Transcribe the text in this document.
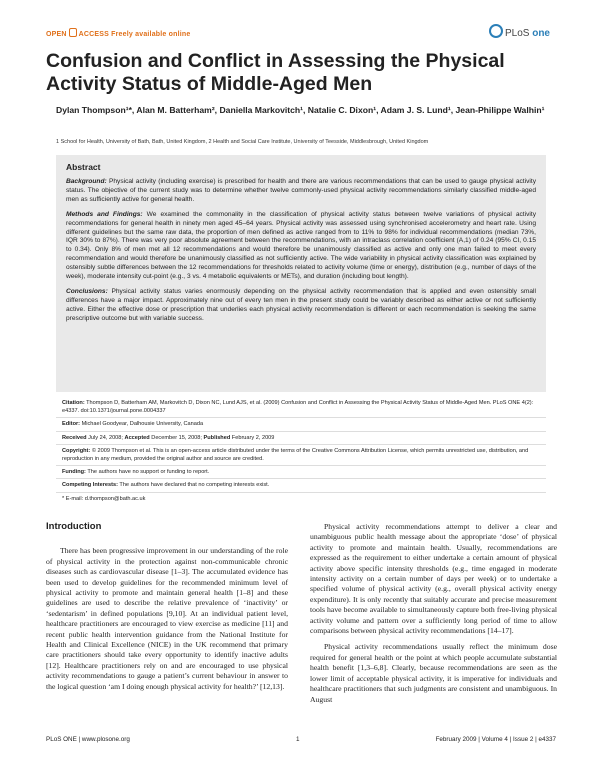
OPEN ACCESS Freely available online	PLoS one
Confusion and Conflict in Assessing the Physical Activity Status of Middle-Aged Men
Dylan Thompson¹*, Alan M. Batterham², Daniella Markovitch¹, Natalie C. Dixon¹, Adam J. S. Lund¹, Jean-Philippe Walhin¹
1 School for Health, University of Bath, Bath, United Kingdom, 2 Health and Social Care Institute, University of Teesside, Middlesbrough, United Kingdom
Abstract

Background: Physical activity (including exercise) is prescribed for health and there are various recommendations that can be used to gauge physical activity status. The objective of the current study was to determine whether twelve commonly-used physical activity recommendations similarly classified middle-aged men as sufficiently active for general health.

Methods and Findings: We examined the commonality in the classification of physical activity status between twelve variations of physical activity recommendations for general health in ninety men aged 45–64 years. Physical activity was assessed using synchronised accelerometry and heart rate. Using different guidelines but the same raw data, the proportion of men defined as active ranged from to 11% to 98% for individual recommendations (median 73%, IQR 30% to 87%). There was very poor absolute agreement between the recommendations, with an intraclass correlation coefficient (A,1) of 0.24 (95% CI, 0.15 to 0.34). Only 8% of men met all 12 recommendations and would therefore be unanimously classified as active and only one man failed to meet every recommendation and would therefore be unanimously classified as not sufficiently active. The wide variability in physical activity classification was explained by ostensibly subtle differences between the 12 recommendations for thresholds related to activity volume (time or energy), distribution (e.g., number of days of the week), moderate intensity cut-point (e.g., 3 vs. 4 metabolic equivalents or METs), and duration (including bout length).

Conclusions: Physical activity status varies enormously depending on the physical activity recommendation that is applied and even ostensibly small differences have a major impact. Approximately nine out of every ten men in the present study could be variably described as either active or not sufficiently active. Either the effective dose or prescription that underlies each physical activity recommendation is different or each recommendation is seeking the same prescriptive outcome but with variable success.

Citation: Thompson D, Batterham AM, Markovitch D, Dixon NC, Lund AJS, et al. (2009) Confusion and Conflict in Assessing the Physical Activity Status of Middle-Aged Men. PLoS ONE 4(2): e4337. doi:10.1371/journal.pone.0004337
Editor: Michael Goodyear, Dalhousie University, Canada
Received July 24, 2008; Accepted December 15, 2008; Published February 2, 2009
Copyright: © 2009 Thompson et al. This is an open-access article distributed under the terms of the Creative Commons Attribution License, which permits unrestricted use, distribution, and reproduction in any medium, provided the original author and source are credited.
Funding: The authors have no support or funding to report.
Competing Interests: The authors have declared that no competing interests exist.
* E-mail: d.thompson@bath.ac.uk
Introduction

There has been progressive improvement in our understanding of the role of physical activity in the protection against non-communicable chronic diseases such as cardiovascular disease [1–3]. The accumulated evidence has been used to develop guidelines for the recommended minimum level of physical activity to promote and maintain general health [1–8] and these guidelines are used to describe the relative prevalence of ‘inactivity’ or ‘sedentarism’ in defined populations [9,10]. At an individual patient level, healthcare practitioners are encouraged to view exercise as medicine [11] and recent public health intervention guidance from the National Institute for Health and Clinical Excellence (NICE) in the UK recommend that primary care practitioners should take every opportunity to identify inactive adults [12]. Healthcare practitioners rely on and are encouraged to use physical activity recommendations to gauge a patient’s current behaviour in answer to the logical question ‘am I doing enough physical activity for health?’ [12,13].

Physical activity recommendations attempt to deliver a clear and unambiguous public health message about the appropriate ‘dose’ of physical activity to promote and maintain health. Usually, recommendations are expressed as the requirement to either undertake a certain amount of physical activity above specific intensity thresholds (e.g., time engaged in moderate intensity activity on a certain number of days per week) or to undertake a specified volume of physical activity (e.g., overall physical activity energy expenditure). It is only recently that suitably accurate and precise measurement tools have become available to simultaneously capture both free-living physical activity volume and pattern over a sufficiently long period of time to allow comparisons between physical activity recommendations [14–17].

Physical activity recommendations usually reflect the minimum dose required for general health or the point at which people accumulate substantial health benefit [1,3–6,8]. Clearly, because recommendations are seen as the lower limit of acceptable physical activity, it is imperative for individuals and healthcare practitioners that such judgments are consistent and unambiguous. In August

PLoS ONE | www.plosone.org	1	February 2009 | Volume 4 | Issue 2 | e4337
